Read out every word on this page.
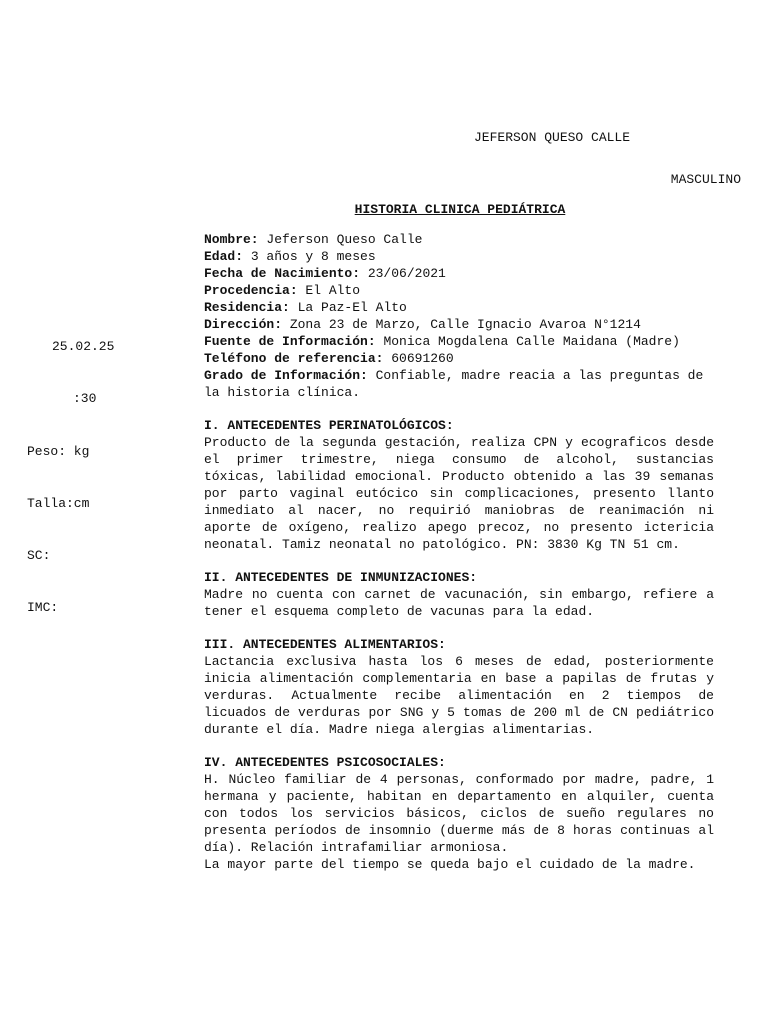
JEFERSON QUESO CALLE
MASCULINO
HISTORIA CLINICA PEDIÁTRICA

25.02.25

:30

Peso: kg

Talla:cm

SC:

IMC:

Nombre: Jeferson Queso Calle
Edad: 3 años y 8 meses
Fecha de Nacimiento: 23/06/2021
Procedencia: El Alto
Residencia: La Paz-El Alto
Dirección: Zona 23 de Marzo, Calle Ignacio Avaroa N°1214
Fuente de Información: Monica Mogdalena Calle Maidana (Madre)
Teléfono de referencia: 60691260
Grado de Información: Confiable, madre reacia a las preguntas de la historia clínica.
I. ANTECEDENTES PERINATOLÓGICOS:
Producto de la segunda gestación, realiza CPN y ecograficos desde el primer trimestre, niega consumo de alcohol, sustancias tóxicas, labilidad emocional. Producto obtenido a las 39 semanas por parto vaginal eutócico sin complicaciones, presento llanto inmediato al nacer, no requirió maniobras de reanimación ni aporte de oxígeno, realizo apego precoz, no presento ictericia neonatal. Tamiz neonatal no patológico. PN: 3830 Kg TN 51 cm.
II. ANTECEDENTES DE INMUNIZACIONES:
Madre no cuenta con carnet de vacunación, sin embargo, refiere a tener el esquema completo de vacunas para la edad.
III. ANTECEDENTES ALIMENTARIOS:
Lactancia exclusiva hasta los 6 meses de edad, posteriormente inicia alimentación complementaria en base a papilas de frutas y verduras. Actualmente recibe alimentación en 2 tiempos de licuados de verduras por SNG y 5 tomas de 200 ml de CN pediátrico durante el día. Madre niega alergias alimentarias.
IV. ANTECEDENTES PSICOSOCIALES:
H. Núcleo familiar de 4 personas, conformado por madre, padre, 1 hermana y paciente, habitan en departamento en alquiler, cuenta con todos los servicios básicos, ciclos de sueño regulares no presenta períodos de insomnio (duerme más de 8 horas continuas al día). Relación intrafamiliar armoniosa.
La mayor parte del tiempo se queda bajo el cuidado de la madre.
